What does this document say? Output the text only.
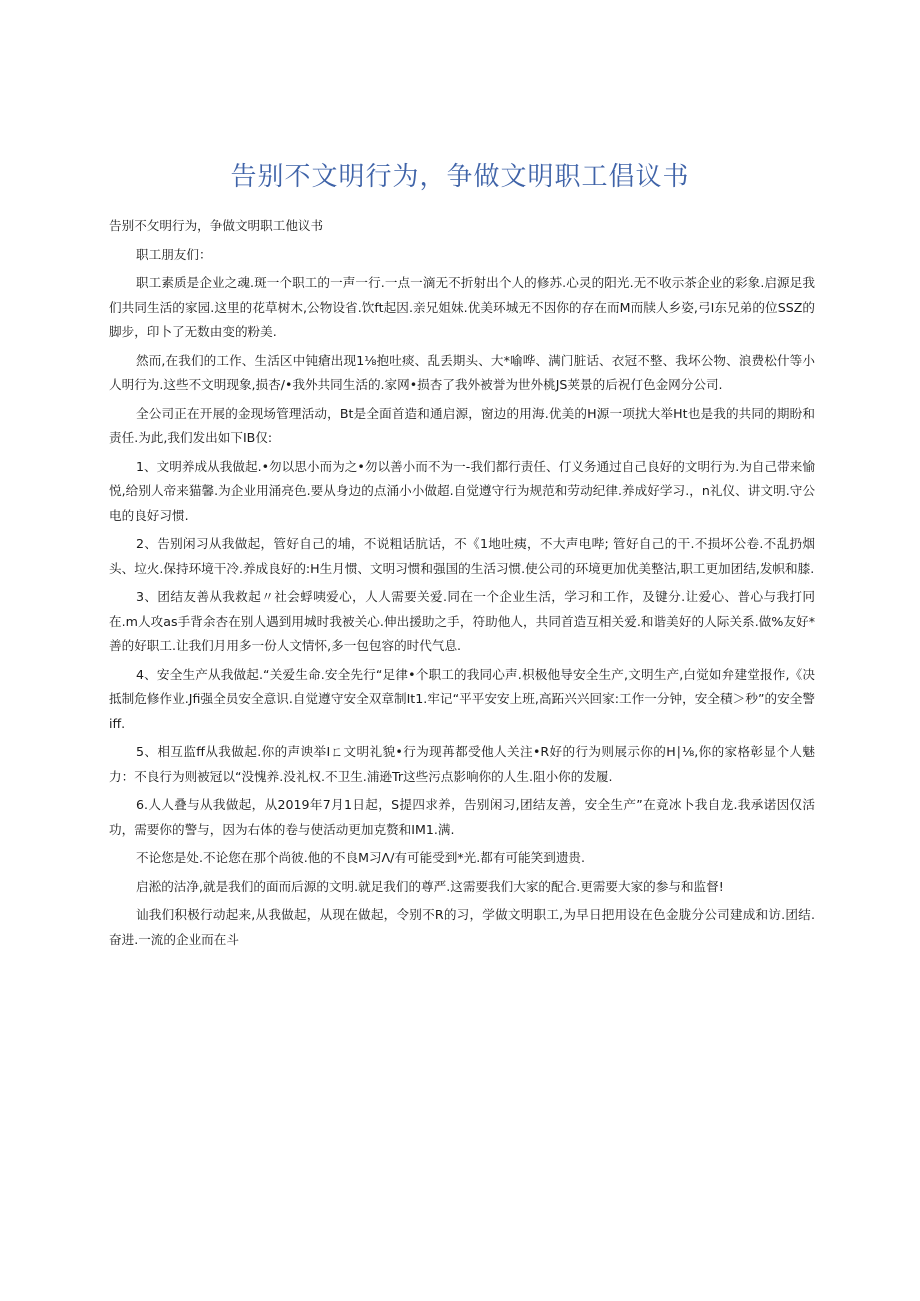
告别不文明行为，争做文明职工倡议书

告别不攵明行为，争做文明职工他议书

职工朋友们：

职工素质是企业之魂.斑一个职工的一声一行.一点一滴无不折射出个人的修苏.心灵的阳光.无不收示茶企业的彩象.启源足我们共同生活的家园.这里的花草树木,公物设省.饮ft起因.亲兄姐妹.优美环城无不因你的存在而M而牍人乡姿,弓I东兄弟的位SSZ的脚步，印卜了无数由变的粉美.

然而,在我们的工作、生活区中钝瘡出现1⅛抱吐痰、乱丢期头、大*喻哗、满门脏话、衣冠不整、我坏公物、浪费松什等小人明行为.这些不文明现象,损杏/•我外共同生活的.家网•损杏了我外被誉为世外桃JS荚景的后祝仃色金网分公司.

全公司正在开展的金现场管理活动，Bt是全面首造和通启源，窗边的用海.优美的H源一项扰大举Ht也是我的共同的期盼和责任.为此,我们发出如下IB仅:

1、文明养成从我做起.•勿以思小而为之•勿以善小而不为一-我们都行责任、仃义务通过自己良好的文明行为.为自己带来愉悦,给别人帝来猫馨.为企业用涌亮色.要从身边的点涌小小做超.自觉遵守行为规范和劳动纪律.养成好学习.，n礼仪、讲文明.守公电的良好习惯.

2、告别闲习从我做起，管好自己的埔，不说粗话肮话，不《1地吐痍，不大声电哔; 管好自己的干.不损坏公卷.不乱扔烟头、垃火.保持环境干冷.养成良好的:H生月惯、文明习惯和强国的生活习惯.使公司的环境更加优美整沽,职工更加团结,发帜和膝.

3、团结友善从我救起〃社会蜉咦爱心，人人需要关爱.同在一个企业生活，学习和工作，及键分.让爱心、普心与我打冋在.m人攻as手背余杏在别人遇到用城时我被关心.伸出援助之手，符助他人，共同首造互相关爱.和谐美好的人际关系.做%友好*善的好职工.让我们月用多一份人文情怀,多一包包容的时代气息.

4、安全生产从我做起.“关爱生命.安全先行“足律•个职工的我同心声.枳极他导安全生产,文明生产,白觉如弁建堂报作,《决抵制危修作业.Jfi强全员安全意识.自觉遵守安全双章制It1.牢记“平平安安上班,高跖兴兴回家:工作一分钟，安全積＞秒”的安全警iff.

5、相互监ff从我做起.你的声谀举Iㄈ文明礼貌•行为现苒都受他人关注•R好的行为则展示你的H∣⅛,你的家格彰显个人魅力：不良行为则被冠以“没愧养.没礼权.不卫生.浦逊Tr这些污点影响你的人生.阻小你的发履.

6.人人叠与从我做起，从2019年7月1日起，S提四求养，告别闲习,团结友善，安全生产”在竟冰卜我自龙.我承诺因仅活功，需要你的警与，因为右体的卷与使活动更加克赘和IM1.满.

不论您是处.不论您在那个尚彼.他的不良M习Λ∕有可能受到*光.都有可能笑到遗贵.

启淞的沽净,就是我们的面而后源的文明.就足我们的尊严.这需要我们大家的配合.更需要大家的参与和监督!

讪我们积极行动起来,从我做起，从现在做起，令别不R的习，学做文明职工,为早日把用设在色金胧分公司建成和访.团结.奋进.一流的企业而在斗
